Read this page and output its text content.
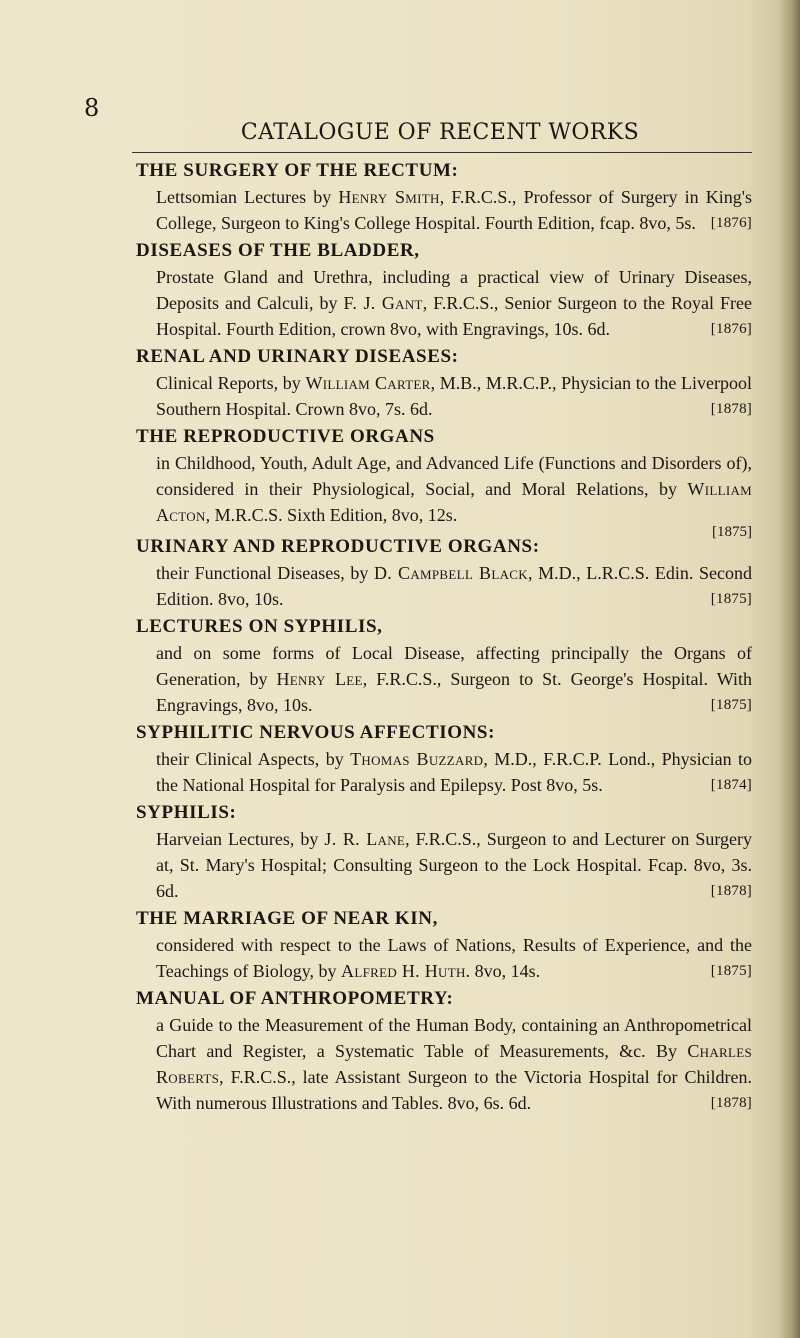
8
CATALOGUE OF RECENT WORKS
THE SURGERY OF THE RECTUM:
Lettsomian Lectures by Henry Smith, F.R.C.S., Professor of Surgery in King's College, Surgeon to King's College Hospital. Fourth Edition, fcap. 8vo, 5s. [1876]
DISEASES OF THE BLADDER,
Prostate Gland and Urethra, including a practical view of Urinary Diseases, Deposits and Calculi, by F. J. Gant, F.R.C.S., Senior Surgeon to the Royal Free Hospital. Fourth Edition, crown 8vo, with Engravings, 10s. 6d.	[1876]
RENAL AND URINARY DISEASES:
Clinical Reports, by William Carter, M.B., M.R.C.P., Physician to the Liverpool Southern Hospital. Crown 8vo, 7s. 6d.	[1878]
THE REPRODUCTIVE ORGANS
in Childhood, Youth, Adult Age, and Advanced Life (Functions and Disorders of), considered in their Physiological, Social, and Moral Relations, by William Acton, M.R.C.S. Sixth Edition, 8vo, 12s.
[1875]
URINARY AND REPRODUCTIVE ORGANS:
their Functional Diseases, by D. Campbell Black, M.D., L.R.C.S. Edin. Second Edition. 8vo, 10s.	[1875]
LECTURES ON SYPHILIS,
and on some forms of Local Disease, affecting principally the Organs of Generation, by Henry Lee, F.R.C.S., Surgeon to St. George's Hospital. With Engravings, 8vo, 10s.	[1875]
SYPHILITIC NERVOUS AFFECTIONS:
their Clinical Aspects, by Thomas Buzzard, M.D., F.R.C.P. Lond., Physician to the National Hospital for Paralysis and Epilepsy. Post 8vo, 5s.	[1874]
SYPHILIS:
Harveian Lectures, by J. R. Lane, F.R.C.S., Surgeon to and Lecturer on Surgery at, St. Mary's Hospital; Consulting Surgeon to the Lock Hospital. Fcap. 8vo, 3s. 6d.	[1878]
THE MARRIAGE OF NEAR KIN,
considered with respect to the Laws of Nations, Results of Experience, and the Teachings of Biology, by Alfred H. Huth. 8vo, 14s.	[1875]
MANUAL OF ANTHROPOMETRY:
a Guide to the Measurement of the Human Body, containing an Anthropometrical Chart and Register, a Systematic Table of Measurements, &c. By Charles Roberts, F.R.C.S., late Assistant Surgeon to the Victoria Hospital for Children. With numerous Illustrations and Tables. 8vo, 6s. 6d.	[1878]
